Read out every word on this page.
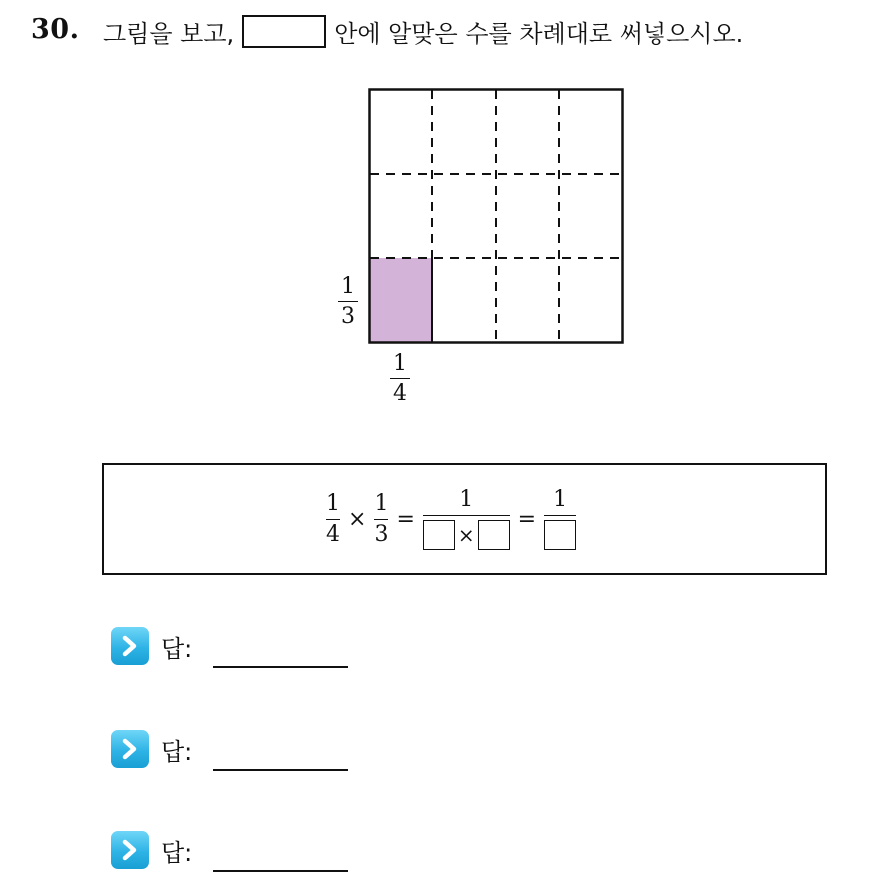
30. 그림을 보고,	안에 알맞은 수를 차례대로 써넣으시오.
1
3
1
4
1
4
×
1
3
=
1
×
=
1
답:
답:
답:
